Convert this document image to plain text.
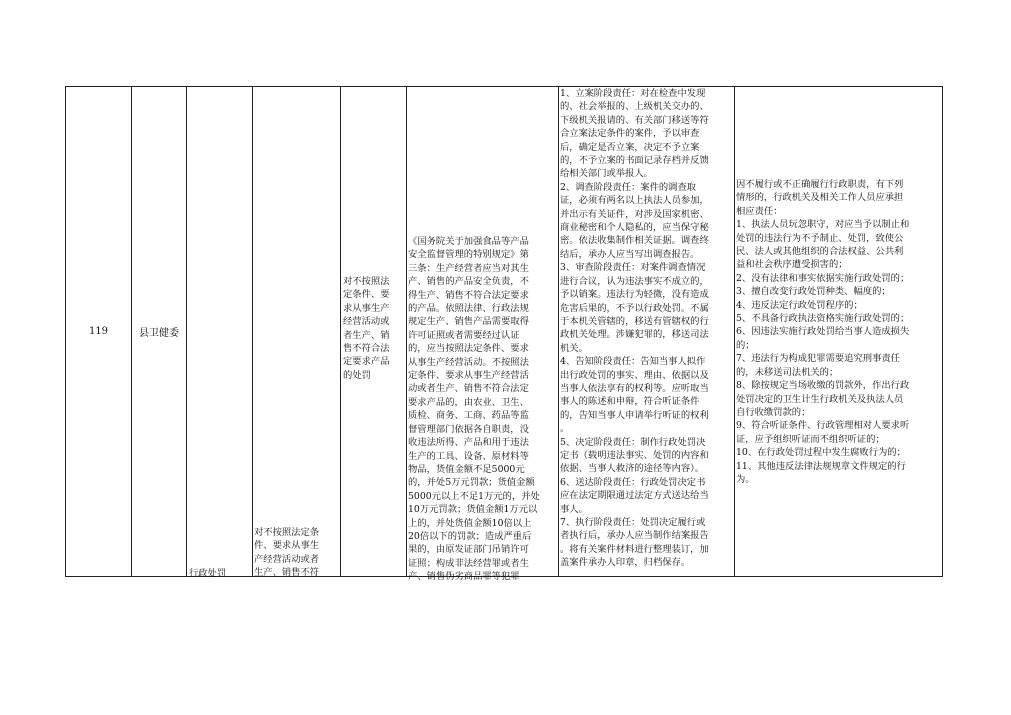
119	县卫健委
行政处罚
对不按照法定条
件、要求从事生
产经营活动或者
生产、销售不符
对不按照法
定条件、要
求从事生产
经营活动或
者生产、销
售不符合法
定要求产品
的处罚
《国务院关于加强食品等产品
安全监督管理的特别规定》第
三条：生产经营者应当对其生
产、销售的产品安全负责，不
得生产、销售不符合法定要求
的产品。依照法律、行政法规
规定生产、销售产品需要取得
许可证照或者需要经过认证
的，应当按照法定条件、要求
从事生产经营活动。不按照法
定条件、要求从事生产经营活
动或者生产、销售不符合法定
要求产品的，由农业、卫生、
质检、商务、工商、药品等监
督管理部门依据各自职责，没
收违法所得、产品和用于违法
生产的工具、设备、原材料等
物品，货值金额不足5000元
的，并处5万元罚款；货值金额
5000元以上不足1万元的，并处
10万元罚款；货值金额1万元以
上的，并处货值金额10倍以上
20倍以下的罚款；造成严重后
果的，由原发证部门吊销许可
证照；构成非法经营罪或者生
产、销售伪劣商品罪等犯罪
1、立案阶段责任：对在检查中发现
的、社会举报的、上级机关交办的、
下级机关报请的、有关部门移送等符
合立案法定条件的案件，予以审查
后，确定是否立案，决定不予立案
的，不予立案的书面记录存档并反馈
给相关部门或举报人。
2、调查阶段责任：案件的调查取
证，必须有两名以上执法人员参加，
并出示有关证件，对涉及国家机密、
商业秘密和个人隐私的，应当保守秘
密。依法收集制作相关证据。调查终
结后，承办人应当写出调查报告。
3、审查阶段责任：对案件调查情况
进行合议，认为违法事实不成立的，
予以销案。违法行为轻微，没有造成
危害后果的，不予以行政处罚。不属
于本机关管辖的，移送有管辖权的行
政机关处理。涉嫌犯罪的，移送司法
机关。
4、告知阶段责任：告知当事人拟作
出行政处罚的事实、理由、依据以及
当事人依法享有的权利等。应听取当
事人的陈述和申辩，符合听证条件
的，告知当事人申请举行听证的权利
。
5、决定阶段责任：制作行政处罚决
定书（载明违法事实、处罚的内容和
依据、当事人救济的途径等内容）。
6、送达阶段责任：行政处罚决定书
应在法定期限通过法定方式送达给当
事人。
7、执行阶段责任：处罚决定履行或
者执行后，承办人应当制作结案报告
。将有关案件材料进行整理装订，加
盖案件承办人印章，归档保存。
因不履行或不正确履行行政职责，有下列
情形的，行政机关及相关工作人员应承担
相应责任：
1、执法人员玩忽职守，对应当予以制止和
处罚的违法行为不予制止、处罚，致使公
民、法人或其他组织的合法权益、公共利
益和社会秩序遭受损害的；
2、没有法律和事实依据实施行政处罚的；
3、擅自改变行政处罚种类、幅度的；
4、违反法定行政处罚程序的；
5、不具备行政执法资格实施行政处罚的；
6、因违法实施行政处罚给当事人造成损失
的；
7、违法行为构成犯罪需要追究刑事责任
的，未移送司法机关的；
8、除按规定当场收缴的罚款外，作出行政
处罚决定的卫生计生行政机关及执法人员
自行收缴罚款的；
9、符合听证条件、行政管理相对人要求听
证，应予组织听证而不组织听证的；
10、在行政处罚过程中发生腐败行为的；
11、其他违反法律法规规章文件规定的行
为。
